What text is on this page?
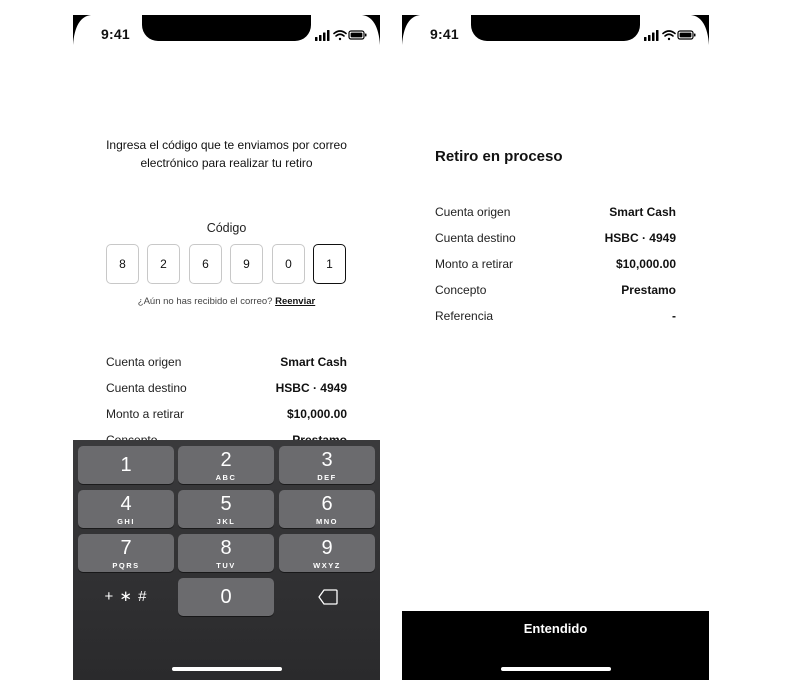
9:41
Ingresa el código que te enviamos por correo electrónico para realizar tu retiro
Código
8	2	6	9	0	1
¿Aún no has recibido el correo? Reenviar
Cuenta origen	Smart Cash
Cuenta destino	HSBC · 4949
Monto a retirar	$10,000.00
1	2
ABC
3
DEF
4
GHI
5
JKL
6
MNO
7
PQRS
8
TUV
9
WXYZ
+ ∗ #	0
9:41
Retiro en proceso
Cuenta origen	Smart Cash
Cuenta destino	HSBC · 4949
Monto a retirar	$10,000.00
Concepto	Prestamo
Referencia	-
Entendido
